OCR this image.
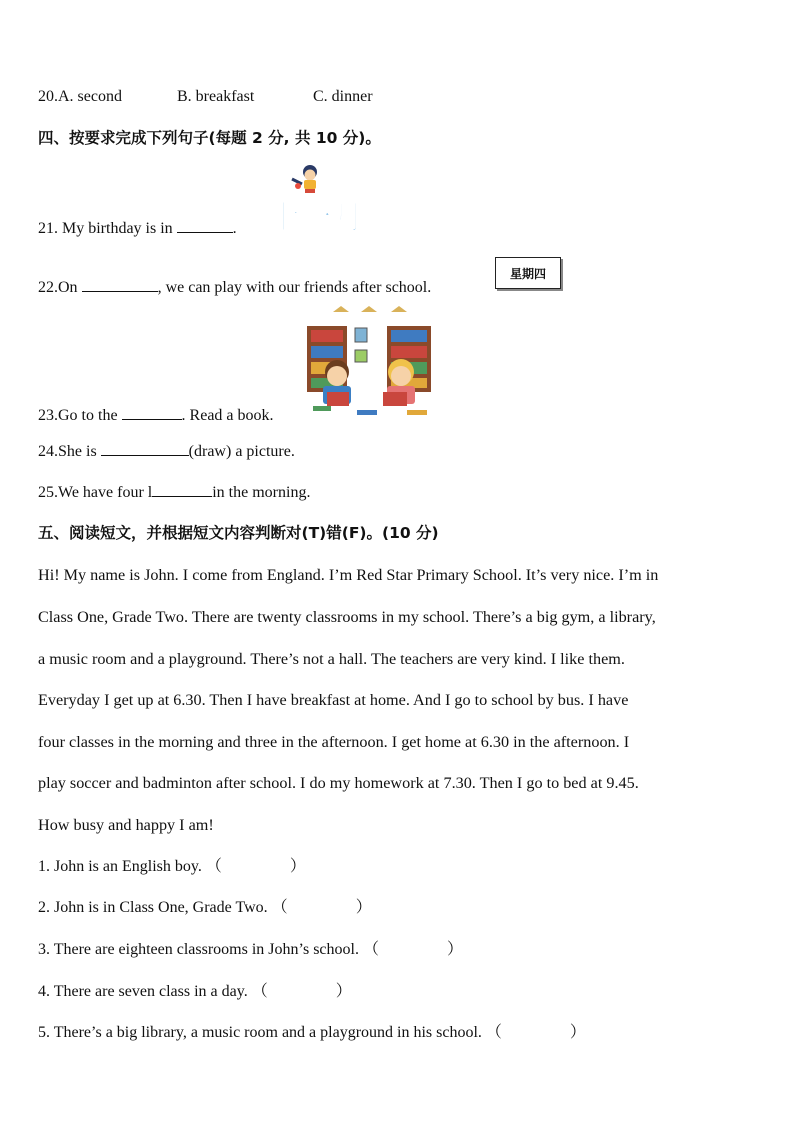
20.A. second	B. breakfast	C. dinner
四、按要求完成下列句子(每题 2 分, 共 10 分)。
十一月
21. My birthday is in	.
星期四
22.On	, we can play with our friends after school.
23.Go to the	. Read a book.
24.She is	(draw) a picture.
25.We have four l	in the morning.
五、阅读短文，并根据短文内容判断对(T)错(F)。(10 分)
Hi! My name is John. I come from England. I’m Red Star Primary School. It’s very nice. I’m in
Class One, Grade Two. There are twenty classrooms in my school. There’s a big gym, a library,
a music room and a playground. There’s not a hall. The teachers are very kind. I like them.
Everyday I get up at 6.30. Then I have breakfast at home. And I go to school by bus. I have
four classes in the morning and three in the afternoon. I get home at 6.30 in the afternoon. I
play soccer and badminton after school. I do my homework at 7.30. Then I go to bed at 9.45.
How busy and happy I am!
1. John is an English boy. （	）
2. John is in Class One, Grade Two. （	）
3. There are eighteen classrooms in John’s school. （	）
4. There are seven class in a day. （	）
5. There’s a big library, a music room and a playground in his school. （	）
